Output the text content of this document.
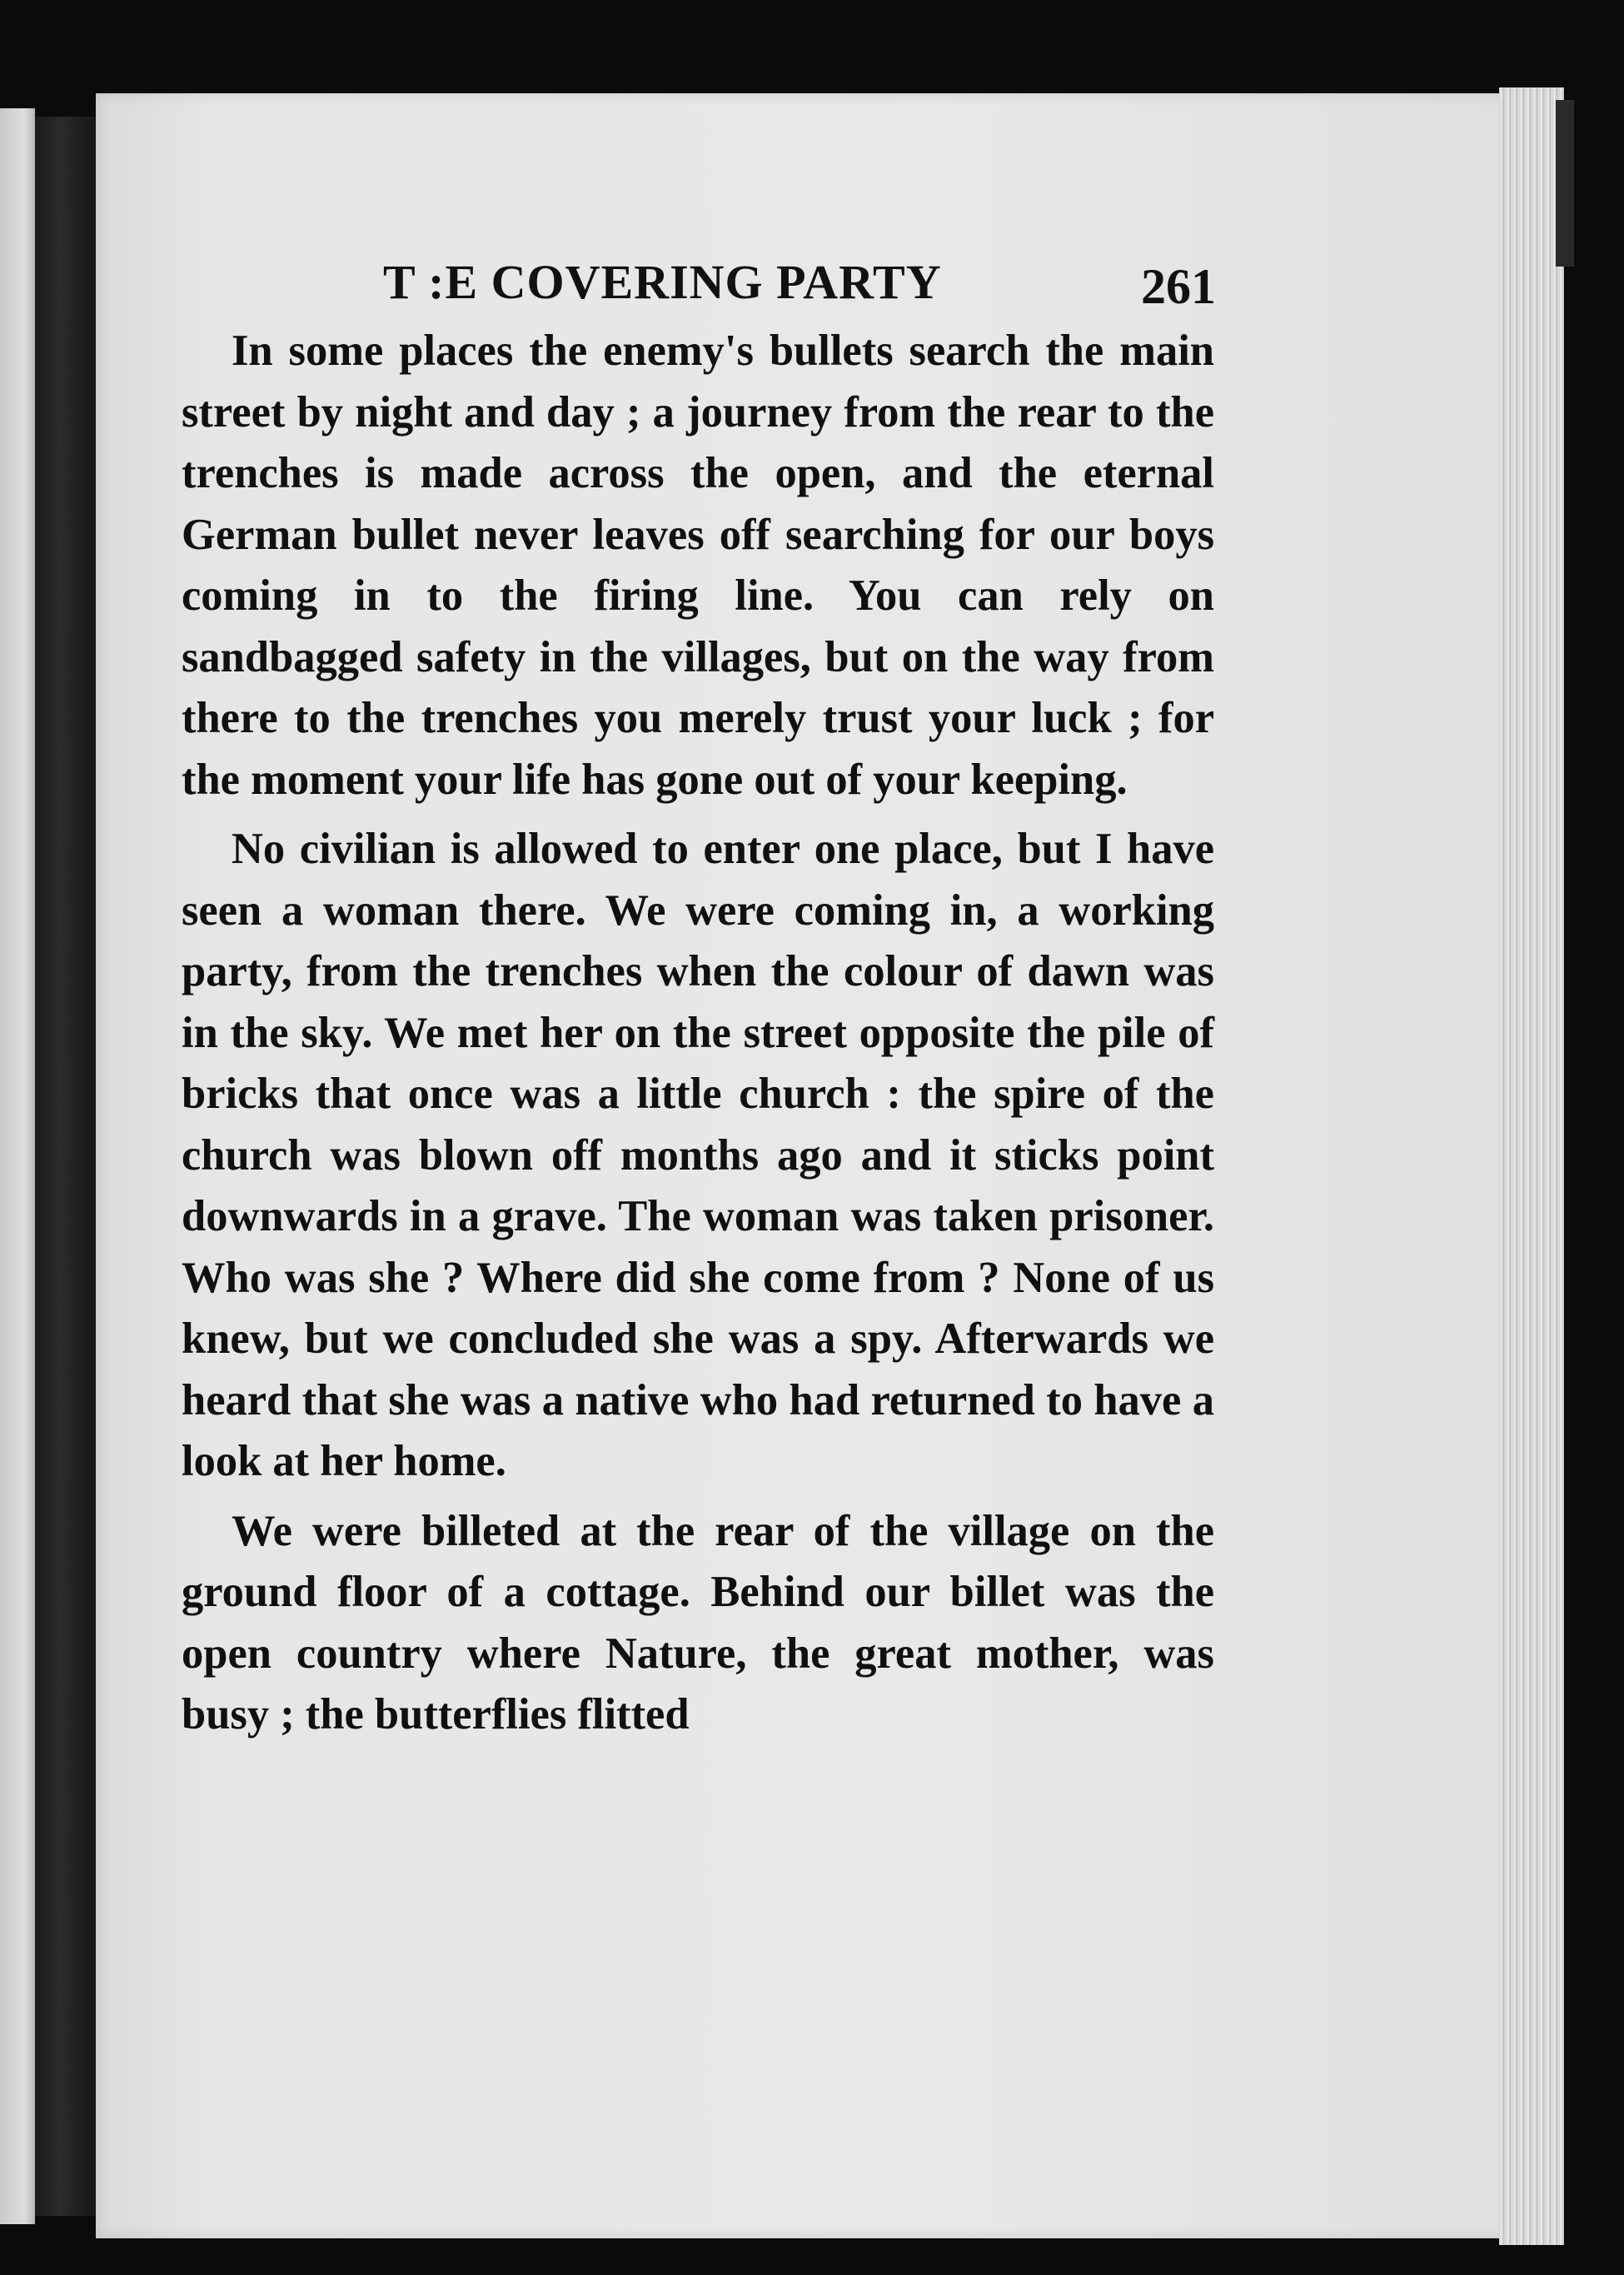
T :E COVERING PARTY	261

In some places the enemy's bullets search the main street by night and day ; a journey from the rear to the trenches is made across the open, and the eternal German bullet never leaves off searching for our boys coming in to the firing line. You can rely on sandbagged safety in the villages, but on the way from there to the trenches you merely trust your luck ; for the moment your life has gone out of your keeping.

No civilian is allowed to enter one place, but I have seen a woman there. We were coming in, a working party, from the trenches when the colour of dawn was in the sky. We met her on the street opposite the pile of bricks that once was a little church : the spire of the church was blown off months ago and it sticks point downwards in a grave. The woman was taken prisoner. Who was she ? Where did she come from ? None of us knew, but we concluded she was a spy. Afterwards we heard that she was a native who had returned to have a look at her home.

We were billeted at the rear of the village on the ground floor of a cottage. Behind our billet was the open country where Nature, the great mother, was busy ; the butterflies flitted
